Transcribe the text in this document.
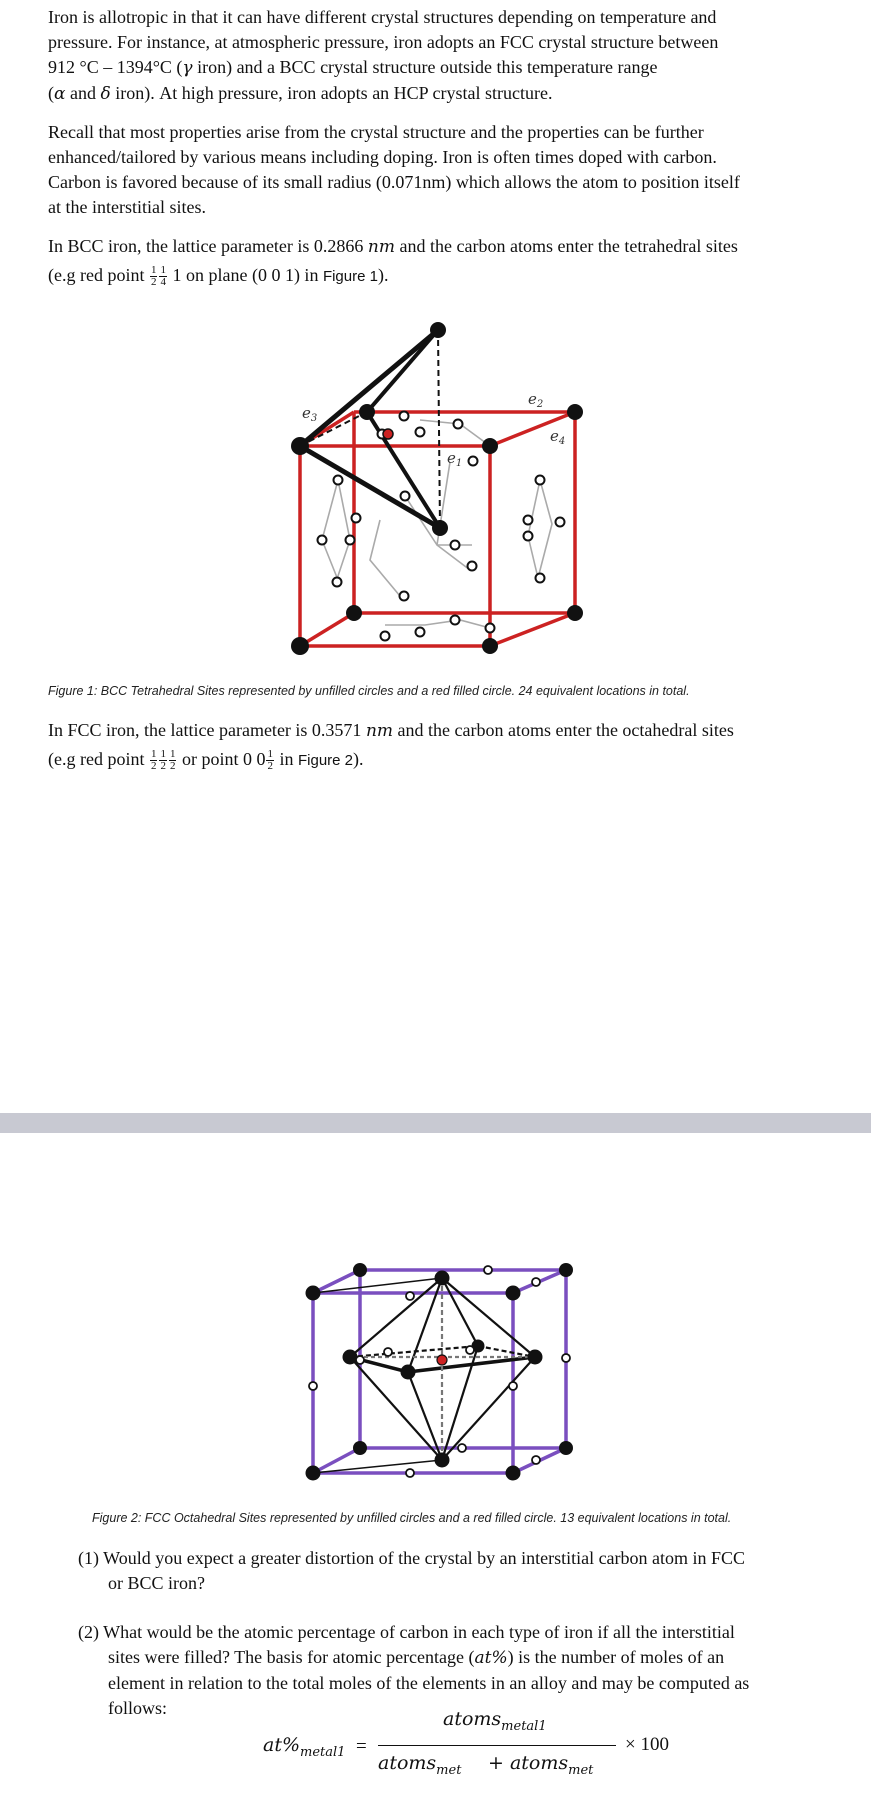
Iron is allotropic in that it can have different crystal structures depending on temperature and
pressure. For instance, at atmospheric pressure, iron adopts an FCC crystal structure between
912 °C – 1394°C (γ iron) and a BCC crystal structure outside this temperature range
(α and δ iron). At high pressure, iron adopts an HCP crystal structure.
Recall that most properties arise from the crystal structure and the properties can be further
enhanced/tailored by various means including doping. Iron is often times doped with carbon.
Carbon is favored because of its small radius (0.071nm) which allows the atom to position itself
at the interstitial sites.
In BCC iron, the lattice parameter is 0.2866 nm and the carbon atoms enter the tetrahedral sites
(e.g red point $\frac{1}{2} \frac{1}{4} 1$ on plane (0 0 1) in Figure 1).
$e_3$
$e_2$
$e_4$
$e_1$
Figure 1: BCC Tetrahedral Sites represented by unfilled circles and a red filled circle. 24 equivalent locations in total.
In FCC iron, the lattice parameter is 0.3571 nm and the carbon atoms enter the octahedral sites
(e.g red point $\frac{1}{2} \frac{1}{2} \frac{1}{2}$ or point 0 $0 \frac{1}{2}$ in Figure 2).
Figure 2: FCC Octahedral Sites represented by unfilled circles and a red filled circle. 13 equivalent locations in total.
(1) Would you expect a greater distortion of the crystal by an interstitial carbon atom in FCC
or BCC iron?
(2) What would be the atomic percentage of carbon in each type of iron if all the interstitial
sites were filled? The basis for atomic percentage (at%) is the number of moles of an
element in relation to the total moles of the elements in an alloy and may be computed as
follows:
$at\%_{metal1}$ =
atoms$_{metal1}$
atoms$_{met}$ + atoms$_{met}$
× 100
